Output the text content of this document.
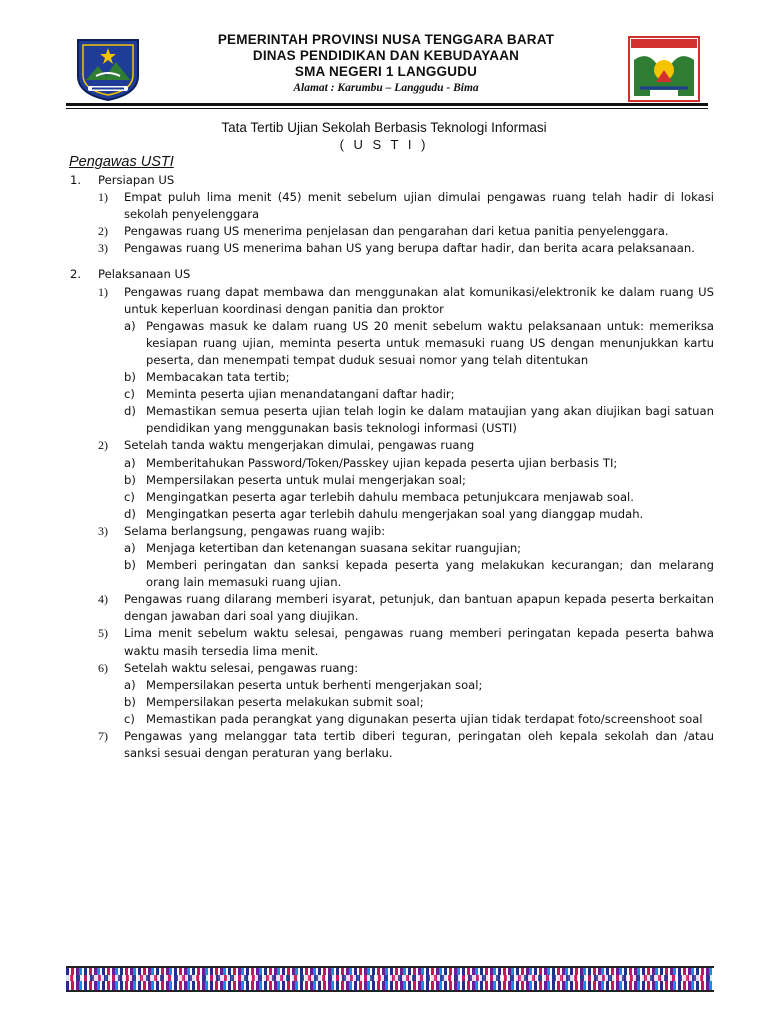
PEMERINTAH PROVINSI NUSA TENGGARA BARAT
DINAS PENDIDIKAN DAN KEBUDAYAAN
SMA NEGERI 1 LANGGUDU
Alamat : Karumbu – Langgudu - Bima
Tata Tertib Ujian Sekolah Berbasis Teknologi Informasi
( U S T I )
Pengawas USTI
1. Persiapan US
1) Empat puluh lima menit (45) menit sebelum ujian dimulai pengawas ruang telah hadir di lokasi sekolah penyelenggara
2) Pengawas ruang US menerima penjelasan dan pengarahan dari ketua panitia penyelenggara.
3) Pengawas ruang US menerima bahan US yang berupa daftar hadir, dan berita acara pelaksanaan.
2. Pelaksanaan US
1) Pengawas ruang dapat membawa dan menggunakan alat komunikasi/elektronik ke dalam ruang US untuk keperluan koordinasi dengan panitia dan proktor
a) Pengawas masuk ke dalam ruang US 20 menit sebelum waktu pelaksanaan untuk: memeriksa kesiapan ruang ujian, meminta peserta untuk memasuki ruang US dengan menunjukkan kartu peserta, dan menempati tempat duduk sesuai nomor yang telah ditentukan
b) Membacakan tata tertib;
c) Meminta peserta ujian menandatangani daftar hadir;
d) Memastikan semua peserta ujian telah login ke dalam mataujian yang akan diujikan bagi satuan pendidikan yang menggunakan basis teknologi informasi (USTI)
2) Setelah tanda waktu mengerjakan dimulai, pengawas ruang
a) Memberitahukan Password/Token/Passkey ujian kepada peserta ujian berbasis TI;
b) Mempersilakan peserta untuk mulai mengerjakan soal;
c) Mengingatkan peserta agar terlebih dahulu membaca petunjukcara menjawab soal.
d) Mengingatkan peserta agar terlebih dahulu mengerjakan soal yang dianggap mudah.
3) Selama berlangsung, pengawas ruang wajib:
a) Menjaga ketertiban dan ketenangan suasana sekitar ruangujian;
b) Memberi peringatan dan sanksi kepada peserta yang melakukan kecurangan; dan melarang orang lain memasuki ruang ujian.
4) Pengawas ruang dilarang memberi isyarat, petunjuk, dan bantuan apapun kepada peserta berkaitan dengan jawaban dari soal yang diujikan.
5) Lima menit sebelum waktu selesai, pengawas ruang memberi peringatan kepada peserta bahwa waktu masih tersedia lima menit.
6) Setelah waktu selesai, pengawas ruang:
a) Mempersilakan peserta untuk berhenti mengerjakan soal;
b) Mempersilakan peserta melakukan submit soal;
c) Memastikan pada perangkat yang digunakan peserta ujian tidak terdapat foto/screenshoot soal
7) Pengawas yang melanggar tata tertib diberi teguran, peringatan oleh kepala sekolah dan /atau sanksi sesuai dengan peraturan yang berlaku.
